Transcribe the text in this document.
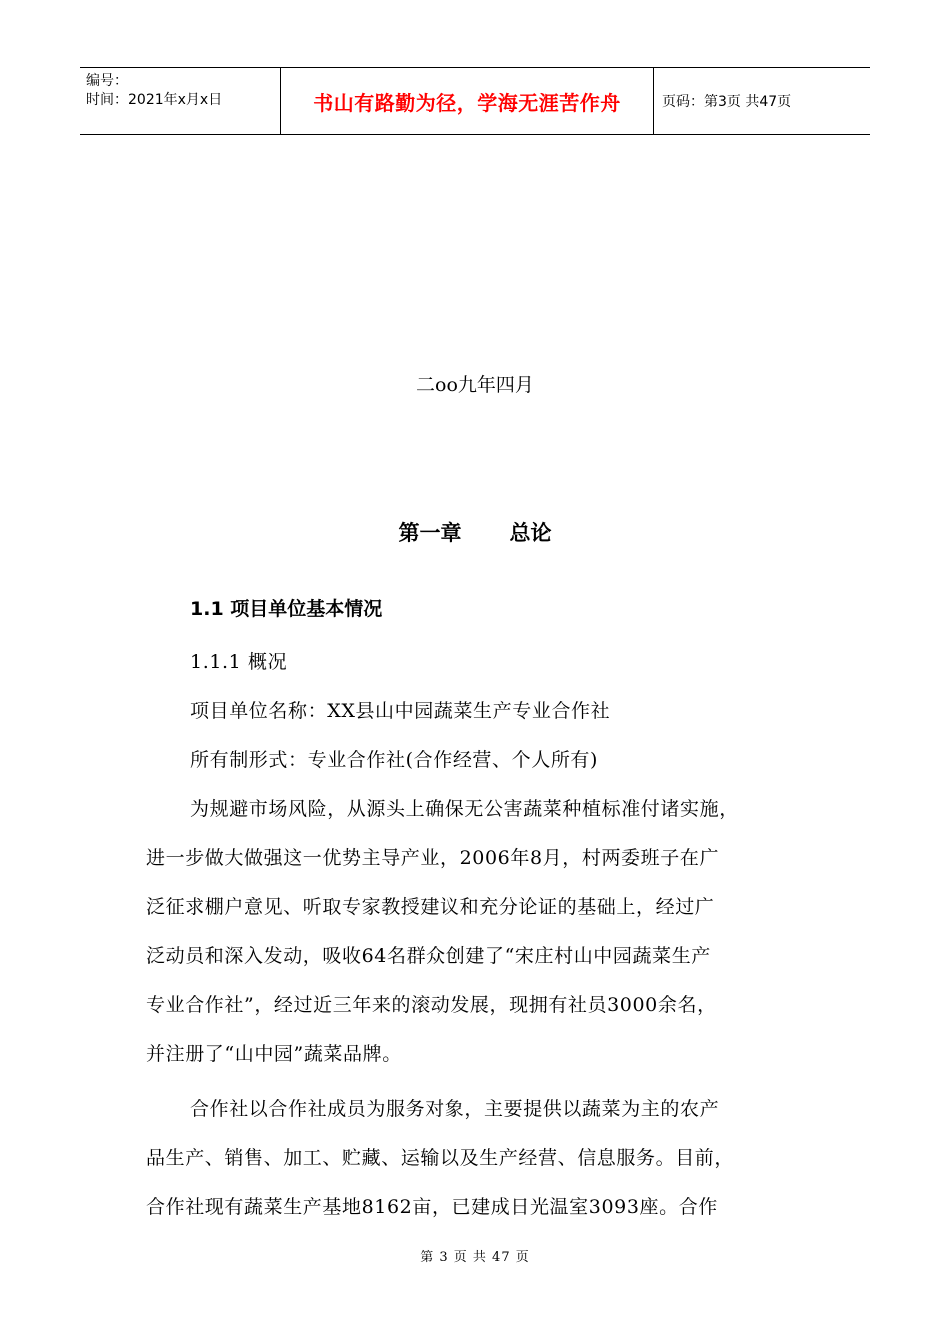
编号：
时间：2021年x月x日	书山有路勤为径，学海无涯苦作舟	页码：第3页 共47页
二oo九年四月
第一章 总论
1.1 项目单位基本情况
1.1.1 概况
项目单位名称：XX县山中园蔬菜生产专业合作社
所有制形式：专业合作社(合作经营、个人所有)
为规避市场风险，从源头上确保无公害蔬菜种植标准付诸实施，
进一步做大做强这一优势主导产业，2006年8月，村两委班子在广
泛征求棚户意见、听取专家教授建议和充分论证的基础上，经过广
泛动员和深入发动，吸收64名群众创建了“宋庄村山中园蔬菜生产
专业合作社”，经过近三年来的滚动发展，现拥有社员3000余名，
并注册了“山中园”蔬菜品牌。
合作社以合作社成员为服务对象，主要提供以蔬菜为主的农产
品生产、销售、加工、贮藏、运输以及生产经营、信息服务。目前，
合作社现有蔬菜生产基地8162亩，已建成日光温室3093座。合作
第 3 页 共 47 页
